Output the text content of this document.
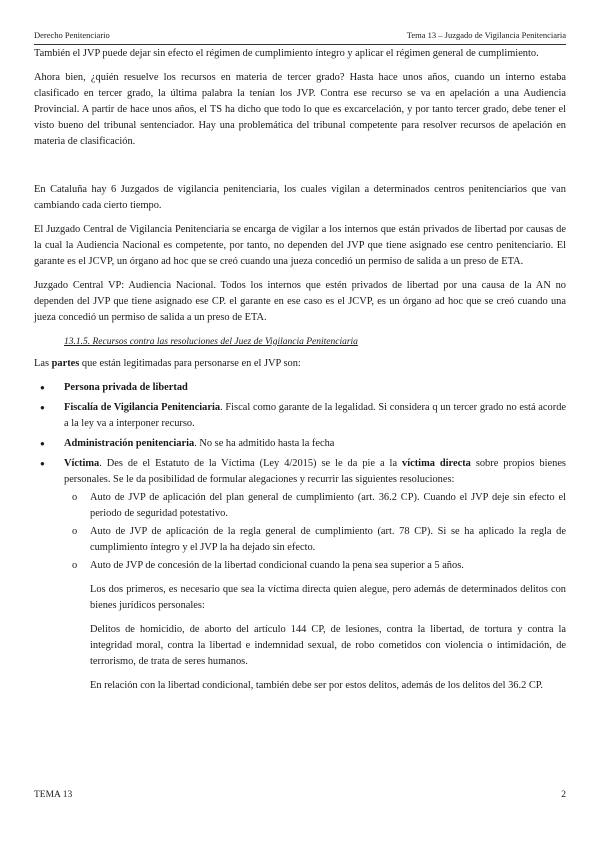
Derecho Penitenciario	Tema 13 – Juzgado de Vigilancia Penitenciaria

También el JVP puede dejar sin efecto el régimen de cumplimiento íntegro y aplicar el régimen general de cumplimiento.

Ahora bien, ¿quién resuelve los recursos en materia de tercer grado? Hasta hace unos años, cuando un interno estaba clasificado en tercer grado, la última palabra la tenían los JVP. Contra ese recurso se va en apelación a una Audiencia Provincial. A partir de hace unos años, el TS ha dicho que todo lo que es excarcelación, y por tanto tercer grado, debe tener el visto bueno del tribunal sentenciador. Hay una problemática del tribunal competente para resolver recursos de apelación en materia de clasificación.

En Cataluña hay 6 Juzgados de vigilancia penitenciaria, los cuales vigilan a determinados centros penitenciarios que van cambiando cada cierto tiempo.

El Juzgado Central de Vigilancia Penitenciaria se encarga de vigilar a los internos que están privados de libertad por causas de la cual la Audiencia Nacional es competente, por tanto, no dependen del JVP que tiene asignado ese centro penitenciario. El garante es el JCVP, un órgano ad hoc que se creó cuando una jueza concedió un permiso de salida a un preso de ETA.

Juzgado Central VP: Audiencia Nacional. Todos los internos que estén privados de libertad por una causa de la AN no dependen del JVP que tiene asignado ese CP. el garante en ese caso es el JCVP, es un órgano ad hoc que se creó cuando una jueza concedió un permiso de salida a un preso de ETA.

13.1.5. Recursos contra las resoluciones del Juez de Vigilancia Penitenciaria

Las partes que están legitimadas para personarse en el JVP son:

● Persona privada de libertad
● Fiscalía de Vigilancia Penitenciaria. Fiscal como garante de la legalidad. Si considera q un tercer grado no está acorde a la ley va a interponer recurso.
● Administración penitenciaria. No se ha admitido hasta la fecha
● Víctima. Des de el Estatuto de la Víctima (Ley 4/2015) se le da pie a la víctima directa sobre propios bienes personales. Se le da posibilidad de formular alegaciones y recurrir las siguientes resoluciones:
o Auto de JVP de aplicación del plan general de cumplimiento (art. 36.2 CP). Cuando el JVP deje sin efecto el periodo de seguridad potestativo.
o Auto de JVP de aplicación de la regla general de cumplimiento (art. 78 CP). Si se ha aplicado la regla de cumplimiento íntegro y el JVP la ha dejado sin efecto.
o Auto de JVP de concesión de la libertad condicional cuando la pena sea superior a 5 años.

Los dos primeros, es necesario que sea la víctima directa quien alegue, pero además de determinados delitos con bienes jurídicos personales:

Delitos de homicidio, de aborto del artículo 144 CP, de lesiones, contra la libertad, de tortura y contra la integridad moral, contra la libertad e indemnidad sexual, de robo cometidos con violencia o intimidación, de terrorismo, de trata de seres humanos.

En relación con la libertad condicional, también debe ser por estos delitos, además de los delitos del 36.2 CP.

TEMA 13	2
